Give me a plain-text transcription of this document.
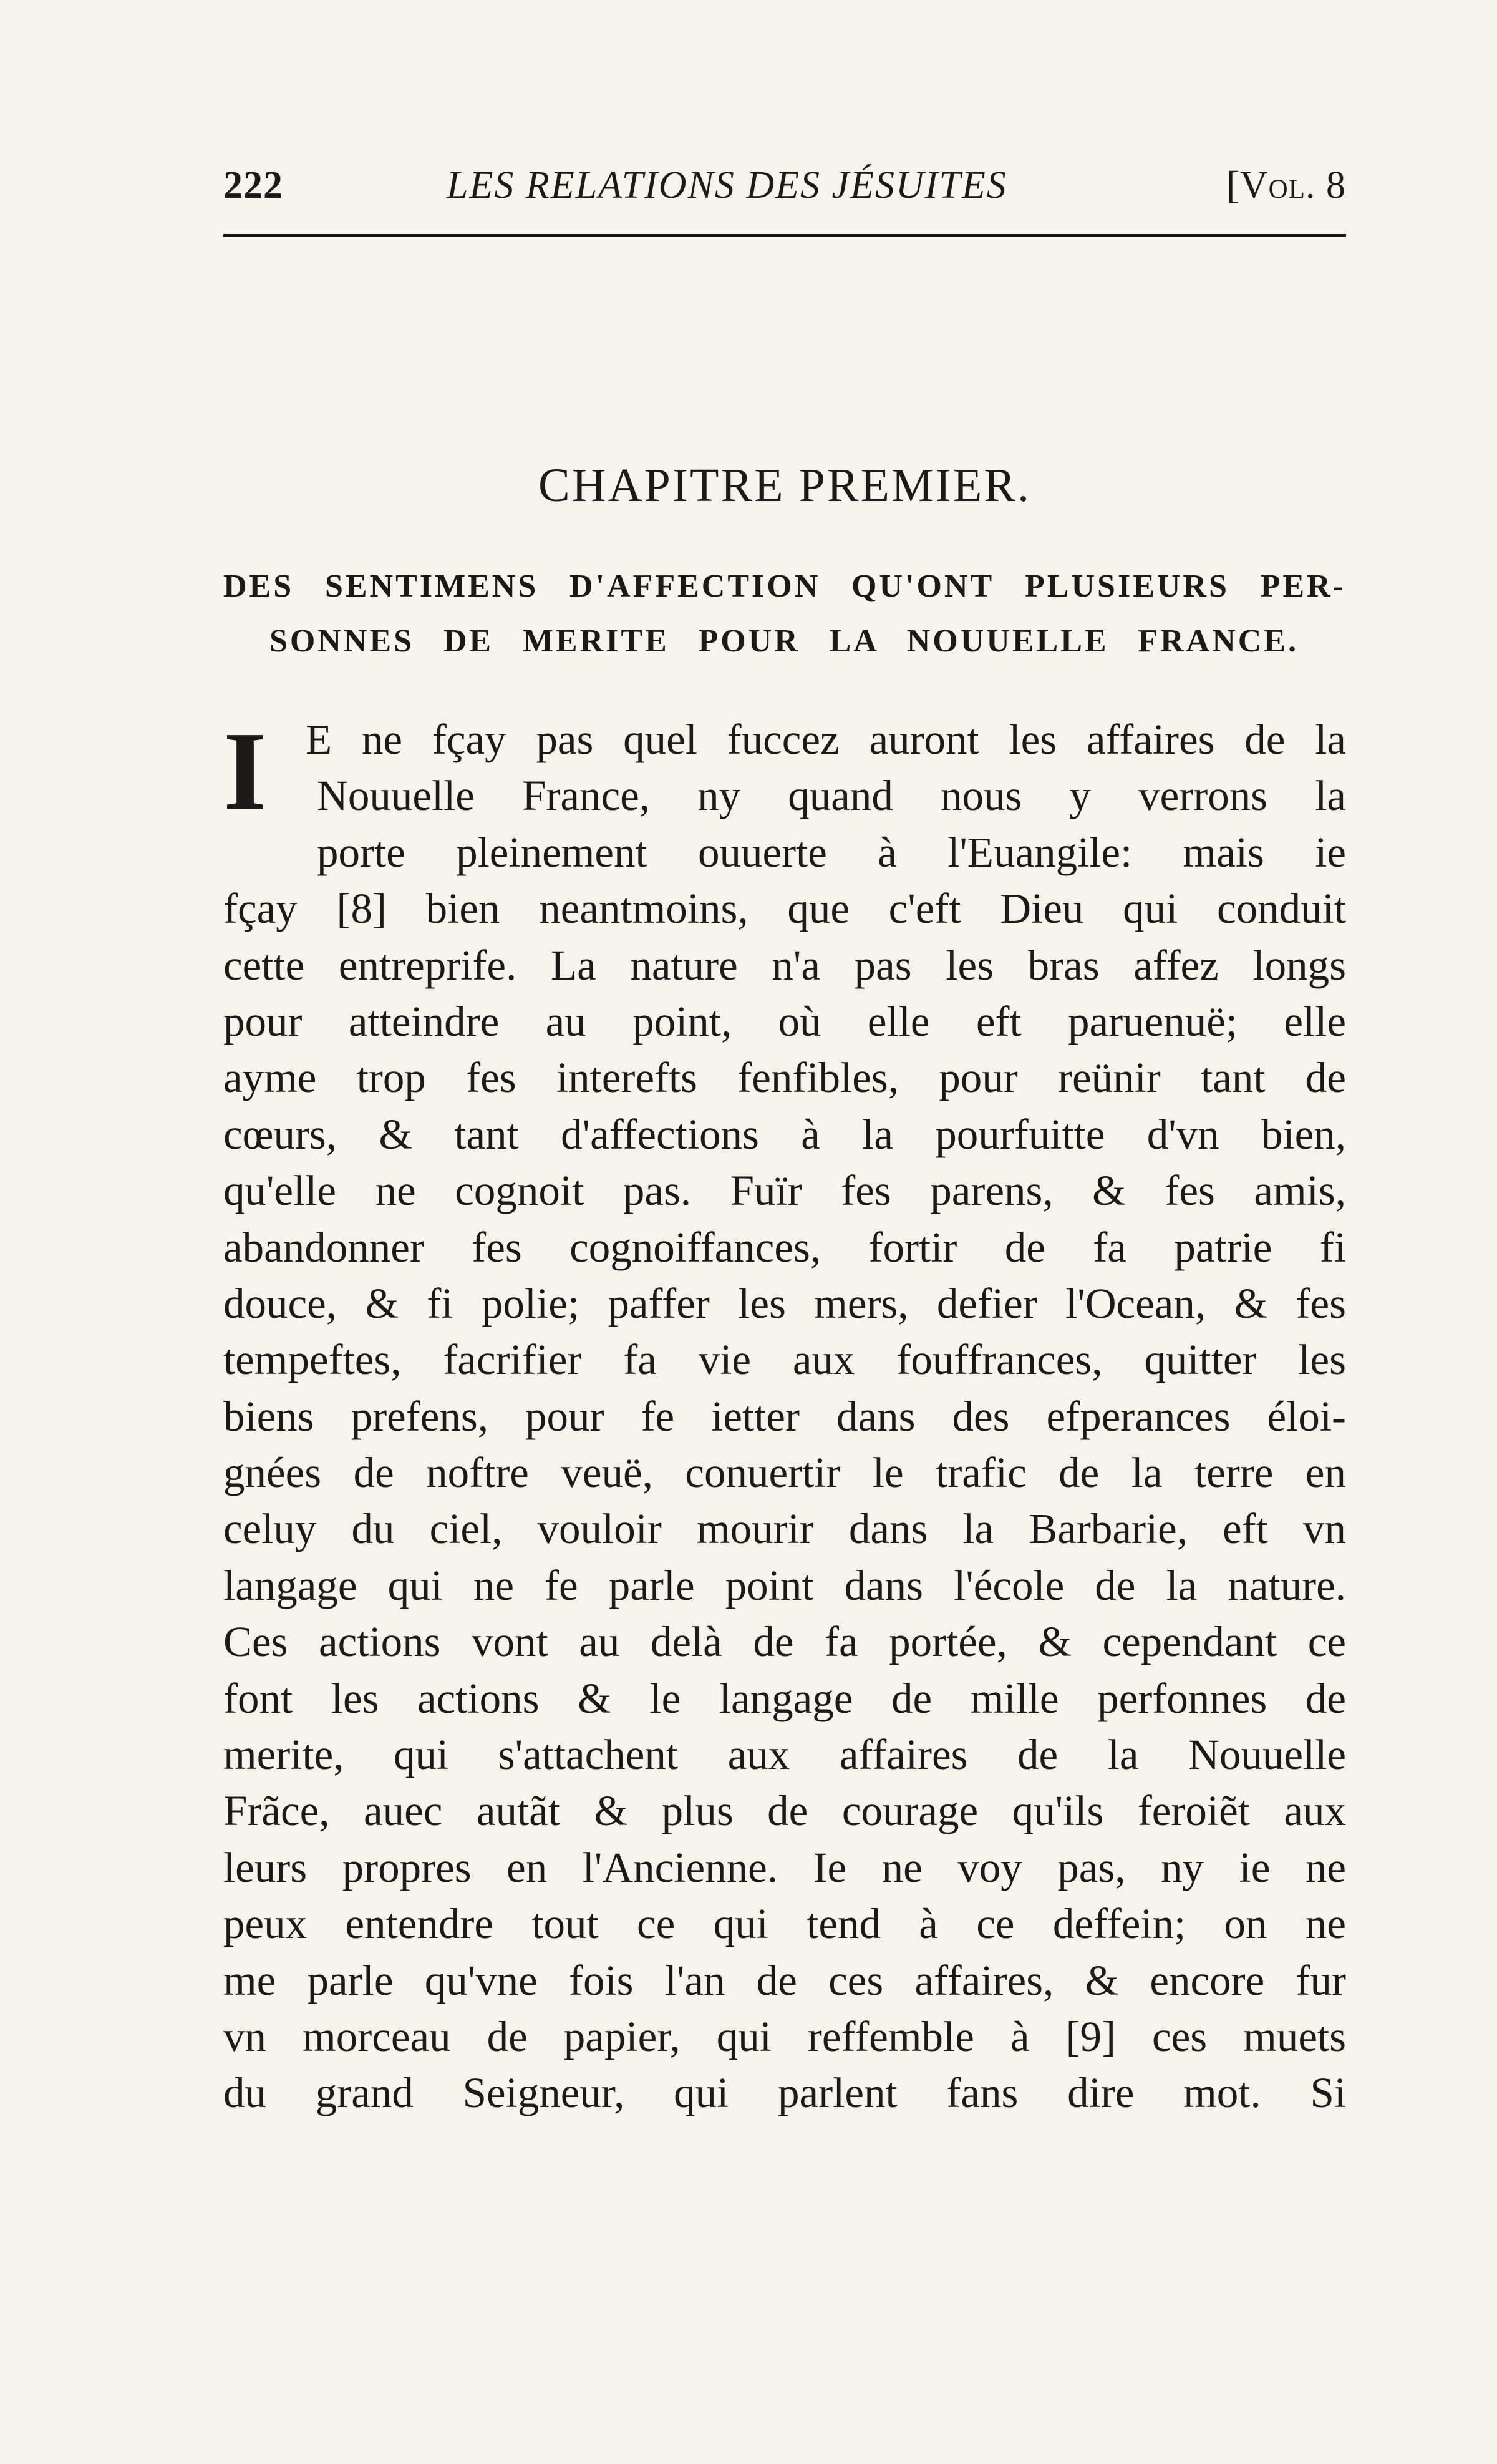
222	LES RELATIONS DES JÉSUITES	[Vol. 8
CHAPITRE PREMIER.
DES SENTIMENS D'AFFECTION QU'ONT PLUSIEURS PER-
SONNES DE MERITE POUR LA NOUUELLE FRANCE.
I E ne fçay pas quel fuccez auront les affaires de la
Nouuelle France, ny quand nous y verrons la
porte pleinement ouuerte à l'Euangile: mais ie
fçay [8] bien neantmoins, que c'eft Dieu qui conduit
cette entreprife. La nature n'a pas les bras affez longs
pour atteindre au point, où elle eft paruenuë; elle
ayme trop fes interefts fenfibles, pour reünir tant de
cœurs, & tant d'affections à la pourfuitte d'vn bien,
qu'elle ne cognoit pas. Fuïr fes parens, & fes amis,
abandonner fes cognoiffances, fortir de fa patrie fi
douce, & fi polie; paffer les mers, defier l'Ocean, & fes
tempeftes, facrifier fa vie aux fouffrances, quitter les
biens prefens, pour fe ietter dans des efperances éloi-
gnées de noftre veuë, conuertir le trafic de la terre en
celuy du ciel, vouloir mourir dans la Barbarie, eft vn
langage qui ne fe parle point dans l'école de la nature.
Ces actions vont au delà de fa portée, & cependant ce
font les actions & le langage de mille perfonnes de
merite, qui s'attachent aux affaires de la Nouuelle
Frãce, auec autãt & plus de courage qu'ils feroiẽt aux
leurs propres en l'Ancienne. Ie ne voy pas, ny ie ne
peux entendre tout ce qui tend à ce deffein; on ne
me parle qu'vne fois l'an de ces affaires, & encore fur
vn morceau de papier, qui reffemble à [9] ces muets
du grand Seigneur, qui parlent fans dire mot. Si
